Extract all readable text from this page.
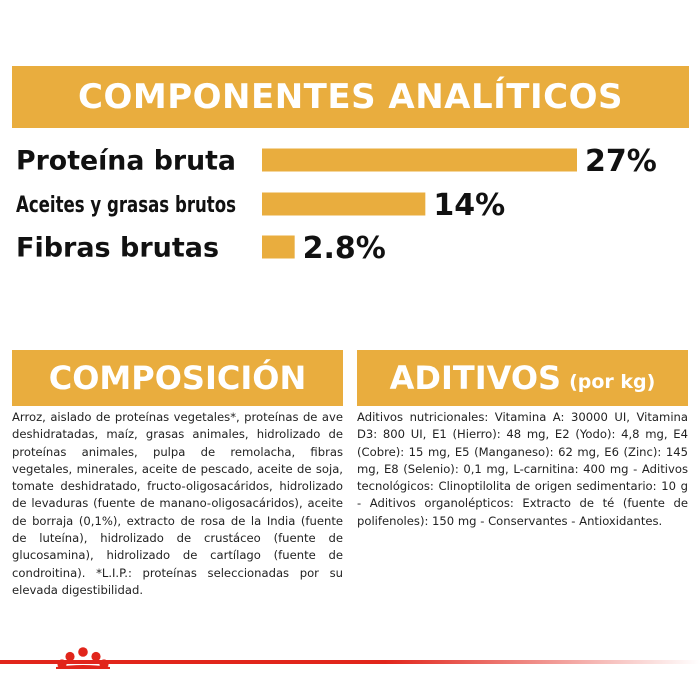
COMPONENTES ANALÍTICOS
Proteína bruta	27%
Aceites y grasas brutos	14%
Fibras brutas	2.8%
COMPOSICIÓN

Arroz, aislado de proteínas vegetales*, proteínas de ave deshidratadas, maíz, grasas animales, hidrolizado de proteínas animales, pulpa de remolacha, fibras vegetales, minerales, aceite de pescado, aceite de soja, tomate deshidratado, fructo-oligosacáridos, hidrolizado de levaduras (fuente de manano-oligosacáridos), aceite de borraja (0,1%), extracto de rosa de la India (fuente de luteína), hidrolizado de crustáceo (fuente de glucosamina), hidrolizado de cartílago (fuente de condroitina). *L.I.P.: proteínas seleccionadas por su elevada digestibilidad.

ADITIVOS (por kg)

Aditivos nutricionales: Vitamina A: 30000 UI, Vitamina D3: 800 UI, E1 (Hierro): 48 mg, E2 (Yodo): 4,8 mg, E4 (Cobre): 15 mg, E5 (Manganeso): 62 mg, E6 (Zinc): 145 mg, E8 (Selenio): 0,1 mg, L-carnitina: 400 mg - Aditivos tecnológicos: Clinoptilolita de origen sedimentario: 10 g - Aditivos organolépticos: Extracto de té (fuente de polifenoles): 150 mg - Conservantes - Antioxidantes.
